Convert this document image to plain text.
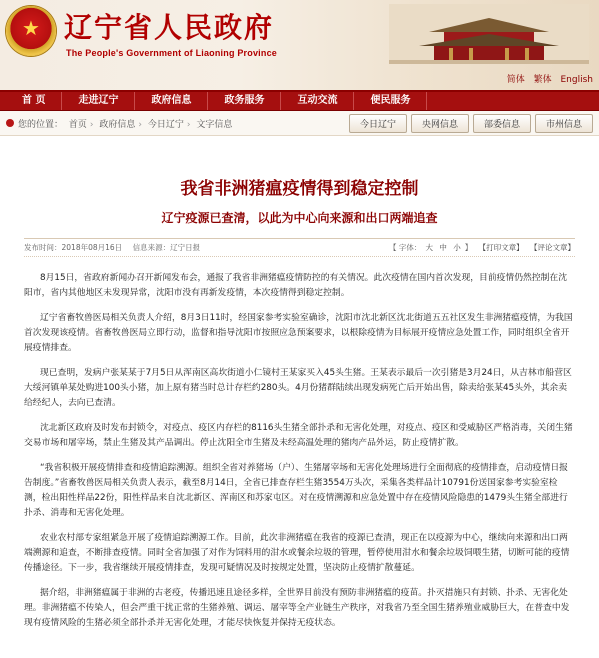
★
辽宁省人民政府
The People's Government of Liaoning Province
简体 繁体 English
首 页	走进辽宁	政府信息	政务服务	互动交流	便民服务
您的位置： 首页 › 政府信息 › 今日辽宁 › 文字信息	今日辽宁	央网信息	部委信息	市州信息
我省非洲猪瘟疫情得到稳定控制
辽宁疫源已查清，以此为中心向来源和出口两端追查
发布时间：2018年08月16日 信息来源：辽宁日报	【 字体： 大 中 小 】 【打印文章】 【评论文章】

8月15日，省政府新闻办召开新闻发布会，通报了我省非洲猪瘟疫情防控的有关情况。此次疫情在国内首次发现，目前疫情仍然控制在沈阳市，省内其他地区未发现异常，沈阳市没有再新发疫情，本次疫情得到稳定控制。

辽宁省畜牧兽医局相关负责人介绍，8月3日11时，经国家参考实验室确诊，沈阳市沈北新区沈北街道五五社区发生非洲猪瘟疫情，为我国首次发现该疫情。省畜牧兽医局立即行动，监督和指导沈阳市按照应急预案要求，以根除疫情为目标展开疫情应急处置工作，同时组织全省开展疫情排查。

现已查明，发病户张某某于7月5日从浑南区高坎街道小仁镜村王某家买入45头生猪。王某表示最后一次引猪是3月24日，从吉林市船营区大绥河镇单某处购进100头小猪，加上原有猪当时总计存栏约280头。4月份猪群陆续出现发病死亡后开始出售，除卖给张某45头外，其余卖给经纪人，去向已查清。

沈北新区政府及时发布封锁令，对疫点、疫区内存栏的8116头生猪全部扑杀和无害化处理，对疫点、疫区和受威胁区严格消毒，关闭生猪交易市场和屠宰场，禁止生猪及其产品调出。停止沈阳全市生猪及未经高温处理的猪肉产品外运，防止疫情扩散。

“我省积极开展疫情排查和疫情追踪溯源。组织全省对养猪场（户）、生猪屠宰场和无害化处理场进行全面彻底的疫情排查，启动疫情日报告制度。”省畜牧兽医局相关负责人表示，截至8月14日，全省已排查存栏生猪3554万头次，采集各类样品计10791份送国家参考实验室检测，检出阳性样品22份，阳性样品来自沈北新区、浑南区和苏家屯区。对在疫情溯源和应急处置中存在疫情风险隐患的1479头生猪全部进行扑杀、消毒和无害化处理。

农业农村部专家组紧急开展了疫情追踪溯源工作。目前，此次非洲猪瘟在我省的疫源已查清，现正在以疫源为中心，继续向来源和出口两端溯源和追查，不断排查疫情。同时全省加强了对作为饲料用的泔水或餐余垃圾的管理，暂停使用泔水和餐余垃圾饲喂生猪，切断可能的疫情传播途径。下一步，我省继续开展疫情排查，发现可疑情况及时按规定处置，坚决防止疫情扩散蔓延。

据介绍，非洲猪瘟属于非洲的古老疫，传播迅速且途径多样，全世界目前没有预防非洲猪瘟的疫苗。扑灭措施只有封锁、扑杀、无害化处理。非洲猪瘟不传染人，但会严重干扰正常的生猪养殖、调运、屠宰等全产业链生产秩序，对我省乃至全国生猪养殖业威胁巨大，在普查中发现有疫情风险的生猪必须全部扑杀并无害化处理，才能尽快恢复并保持无疫状态。
